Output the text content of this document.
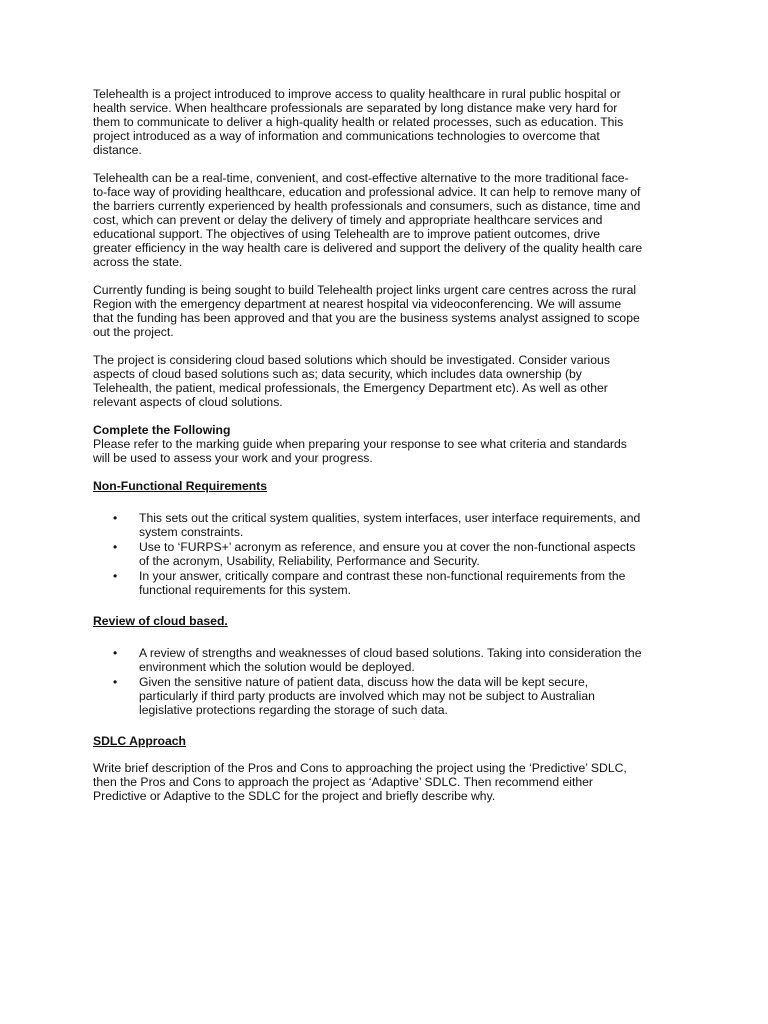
Telehealth is a project introduced to improve access to quality healthcare in rural public hospital or

health service. When healthcare professionals are separated by long distance make very hard for

them to communicate to deliver a high-quality health or related processes, such as education. This

project introduced as a way of information and communications technologies to overcome that

distance.

Telehealth can be a real-time, convenient, and cost-effective alternative to the more traditional face-

to-face way of providing healthcare, education and professional advice. It can help to remove many of

the barriers currently experienced by health professionals and consumers, such as distance, time and

cost, which can prevent or delay the delivery of timely and appropriate healthcare services and

educational support. The objectives of using Telehealth are to improve patient outcomes, drive

greater efficiency in the way health care is delivered and support the delivery of the quality health care

across the state.

Currently funding is being sought to build Telehealth project links urgent care centres across the rural

Region with the emergency department at nearest hospital via videoconferencing. We will assume

that the funding has been approved and that you are the business systems analyst assigned to scope

out the project.

The project is considering cloud based solutions which should be investigated. Consider various

aspects of cloud based solutions such as; data security, which includes data ownership (by

Telehealth, the patient, medical professionals, the Emergency Department etc). As well as other

relevant aspects of cloud solutions.

Complete the Following

Please refer to the marking guide when preparing your response to see what criteria and standards

will be used to assess your work and your progress.

Non-Functional Requirements

• This sets out the critical system qualities, system interfaces, user interface requirements, and

system constraints.

• Use to ‘FURPS+’ acronym as reference, and ensure you at cover the non-functional aspects

of the acronym, Usability, Reliability, Performance and Security.

• In your answer, critically compare and contrast these non-functional requirements from the

functional requirements for this system.

Review of cloud based.

• A review of strengths and weaknesses of cloud based solutions. Taking into consideration the

environment which the solution would be deployed.

• Given the sensitive nature of patient data, discuss how the data will be kept secure,

particularly if third party products are involved which may not be subject to Australian

legislative protections regarding the storage of such data.

SDLC Approach

Write brief description of the Pros and Cons to approaching the project using the ‘Predictive’ SDLC,

then the Pros and Cons to approach the project as ‘Adaptive’ SDLC. Then recommend either

Predictive or Adaptive to the SDLC for the project and briefly describe why.
